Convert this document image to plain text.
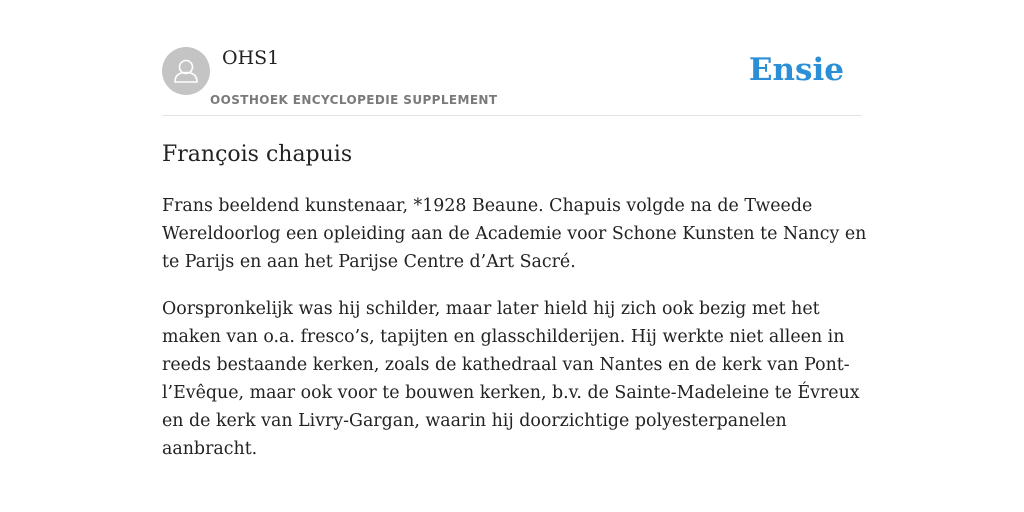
OHS1
OOSTHOEK ENCYCLOPEDIE SUPPLEMENT
Ensie
François chapuis

Frans beeldend kunstenaar, *1928 Beaune. Chapuis volgde na de Tweede Wereldoorlog een opleiding aan de Academie voor Schone Kunsten te Nancy en te Parijs en aan het Parijse Centre d’Art Sacré.

Oorspronkelijk was hij schilder, maar later hield hij zich ook bezig met het maken van o.a. fresco’s, tapijten en glasschilderijen. Hij werkte niet alleen in reeds bestaande kerken, zoals de kathedraal van Nantes en de kerk van Pont-l’Evêque, maar ook voor te bouwen kerken, b.v. de Sainte-Madeleine te Évreux en de kerk van Livry-Gargan, waarin hij doorzichtige polyesterpanelen aanbracht.
